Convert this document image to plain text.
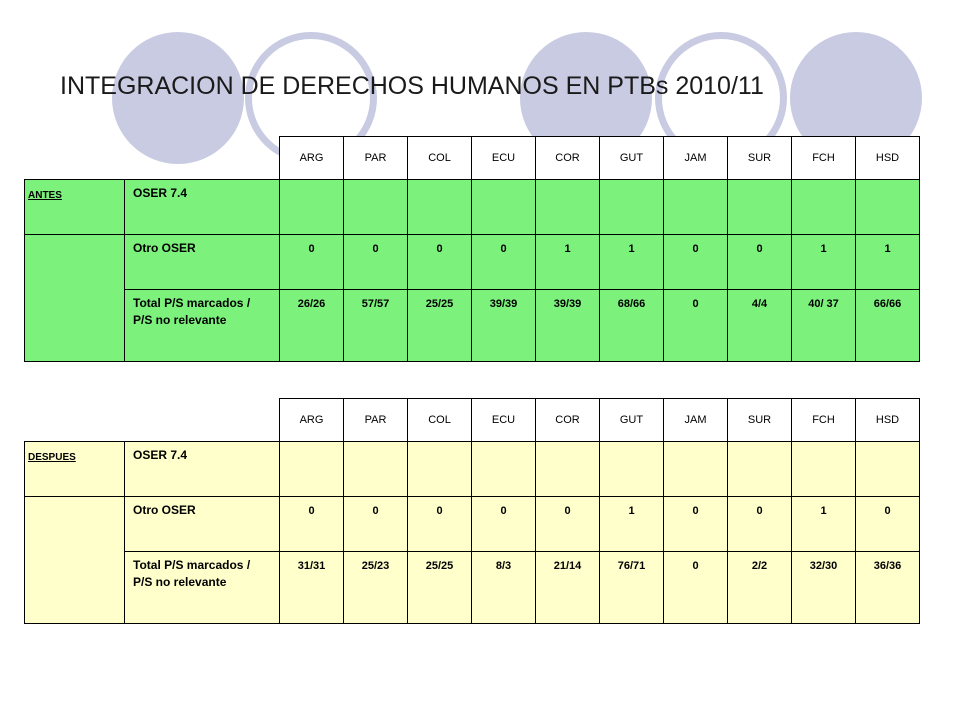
INTEGRACION DE DERECHOS HUMANOS EN PTBs 2010/11
		ARG	PAR	COL	ECU	COR	GUT	JAM	SUR	FCH	HSD
ANTES	OSER 7.4										
	Otro OSER	0	0	0	0	1	1	0	0	1	1

	Total P/S marcados /
P/S no relevante	26/26	57/57	25/25	39/39	39/39	68/66	0	4/4	40/ 37	66/66
		ARG	PAR	COL	ECU	COR	GUT	JAM	SUR	FCH	HSD
DESPUES	OSER 7.4										
	Otro OSER	0	0	0	0	0	1	0	0	1	0

	Total P/S marcados /
P/S no relevante	31/31	25/23	25/25	8/3	21/14	76/71	0	2/2	32/30	36/36
